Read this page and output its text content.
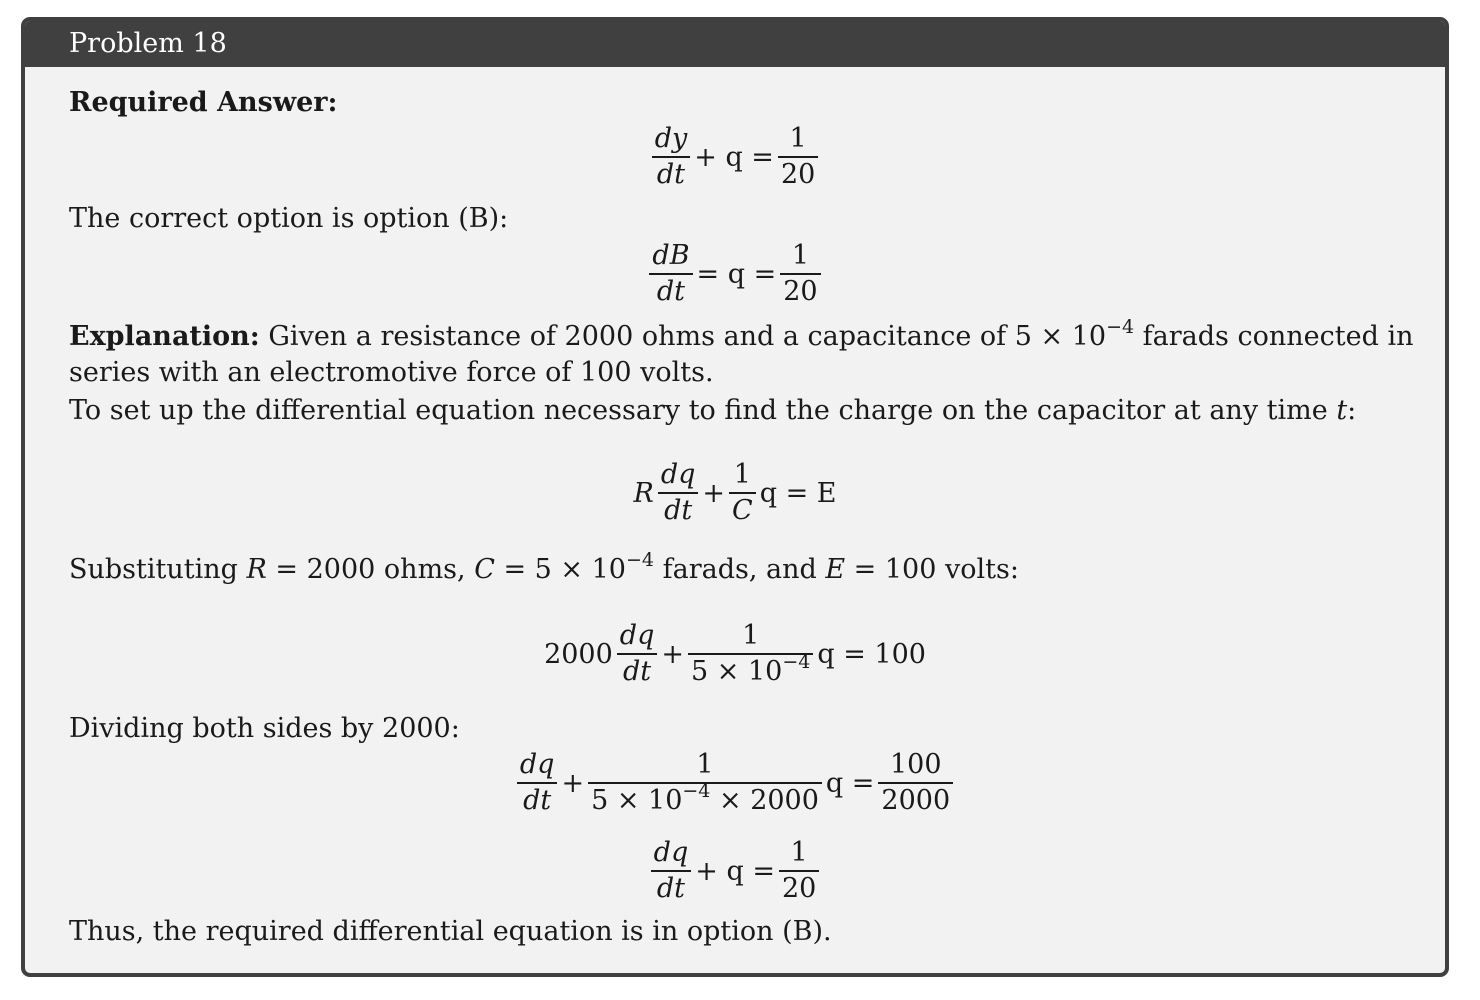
Problem 18
Required Answer:
$\frac{dy}{dt} + q = \frac{1}{20}$
The correct option is option (B):
$\frac{dB}{dt} = q = \frac{1}{20}$
Explanation: Given a resistance of 2000 ohms and a capacitance of $5 \times 10^{-4}$ farads connected in
series with an electromotive force of 100 volts.
To set up the differential equation necessary to find the charge on the capacitor at any time t:
R $\frac{dq}{dt} + \frac{1}{C}$ q = E
Substituting R = 2000 ohms, $C = 5 \times 10^{-4}$ farads, and E = 100 volts:
$2000 \frac{dq}{dt} + \frac{1}{5 \times 10^{-4}}$ q = 100
Dividing both sides by 2000:
$\frac{dq}{dt} + \frac{1}{5 \times 10^{-4} \times 2000}$ $q = \frac{100}{2000}$
$\frac{dq}{dt} + q = \frac{1}{20}$
Thus, the required differential equation is in option (B).
